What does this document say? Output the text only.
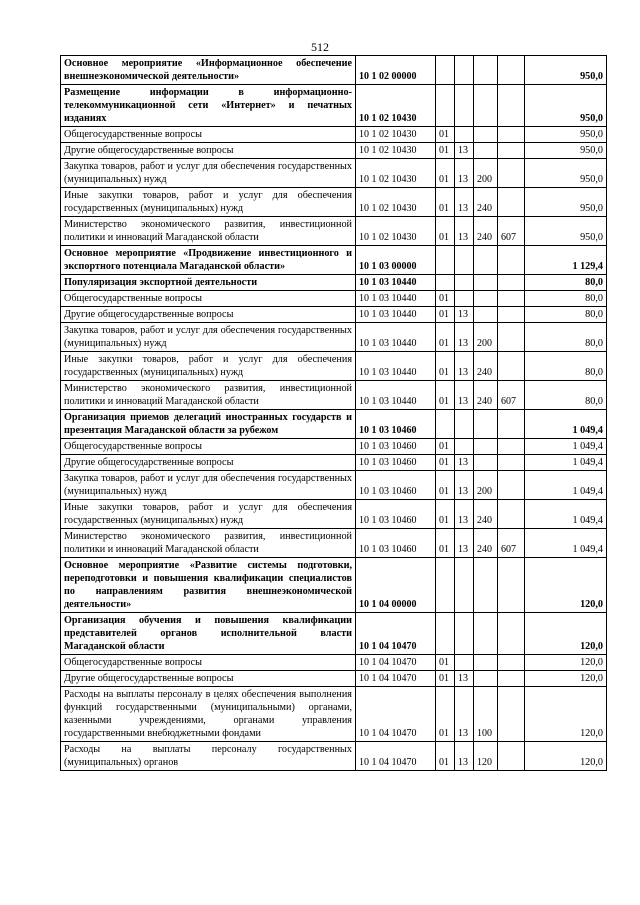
512
Основное мероприятие «Информационное обеспечение внешнеэкономической деятельности»	10 1 02 00000					950,0
Размещение информации в информационно-телекоммуникационной сети «Интернет» и печатных изданиях	10 1 02 10430					950,0
Общегосударственные вопросы	10 1 02 10430	01				950,0
Другие общегосударственные вопросы	10 1 02 10430	01	13			950,0
Закупка товаров, работ и услуг для обеспечения государственных (муниципальных) нужд	10 1 02 10430	01	13	200		950,0
Иные закупки товаров, работ и услуг для обеспечения государственных (муниципальных) нужд	10 1 02 10430	01	13	240		950,0
Министерство экономического развития, инвестиционной политики и инноваций Магаданской области	10 1 02 10430	01	13	240	607	950,0
Основное мероприятие «Продвижение инвестиционного и экспортного потенциала Магаданской области»	10 1 03 00000					1 129,4
Популяризация экспортной деятельности	10 1 03 10440					80,0
Общегосударственные вопросы	10 1 03 10440	01				80,0
Другие общегосударственные вопросы	10 1 03 10440	01	13			80,0
Закупка товаров, работ и услуг для обеспечения государственных (муниципальных) нужд	10 1 03 10440	01	13	200		80,0
Иные закупки товаров, работ и услуг для обеспечения государственных (муниципальных) нужд	10 1 03 10440	01	13	240		80,0
Министерство экономического развития, инвестиционной политики и инноваций Магаданской области	10 1 03 10440	01	13	240	607	80,0
Организация приемов делегаций иностранных государств и презентация Магаданской области за рубежом	10 1 03 10460					1 049,4
Общегосударственные вопросы	10 1 03 10460	01				1 049,4
Другие общегосударственные вопросы	10 1 03 10460	01	13			1 049,4
Закупка товаров, работ и услуг для обеспечения государственных (муниципальных) нужд	10 1 03 10460	01	13	200		1 049,4
Иные закупки товаров, работ и услуг для обеспечения государственных (муниципальных) нужд	10 1 03 10460	01	13	240		1 049,4
Министерство экономического развития, инвестиционной политики и инноваций Магаданской области	10 1 03 10460	01	13	240	607	1 049,4
Основное мероприятие «Развитие системы подготовки, переподготовки и повышения квалификации специалистов по направлениям развития внешнеэкономической деятельности»	10 1 04 00000					120,0
Организация обучения и повышения квалификации представителей органов исполнительной власти Магаданской области	10 1 04 10470					120,0
Общегосударственные вопросы	10 1 04 10470	01				120,0
Другие общегосударственные вопросы	10 1 04 10470	01	13			120,0
Расходы на выплаты персоналу в целях обеспечения выполнения функций государственными (муниципальными) органами, казенными учреждениями, органами управления государственными внебюджетными фондами	10 1 04 10470	01	13	100		120,0
Расходы на выплаты персоналу государственных (муниципальных) органов	10 1 04 10470	01	13	120		120,0
